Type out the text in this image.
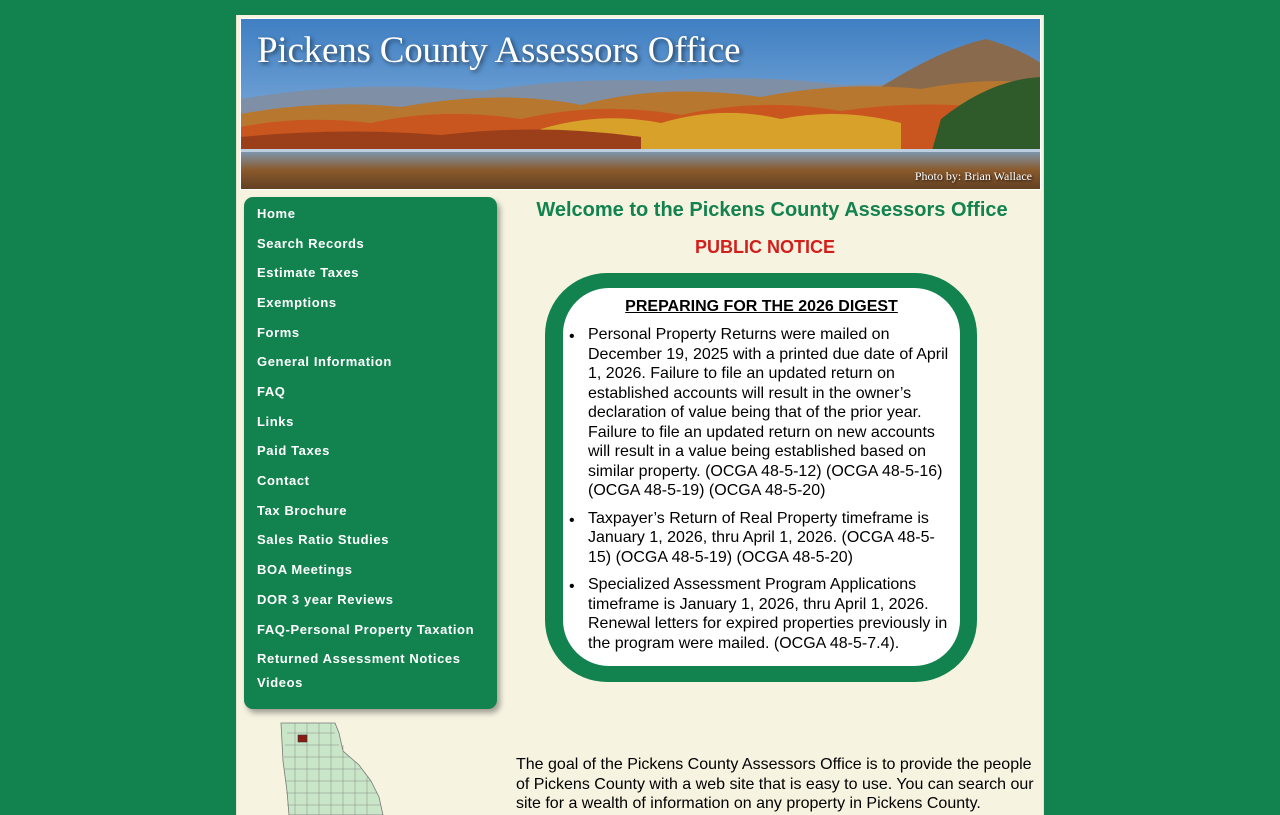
Pickens County Assessors Office
Photo by: Brian Wallace
Home
Search Records
Estimate Taxes
Exemptions
Forms
General Information
FAQ
Links
Paid Taxes
Contact
Tax Brochure
Sales Ratio Studies
BOA Meetings
DOR 3 year Reviews
FAQ-Personal Property Taxation
Returned Assessment Notices
Videos
Welcome to the Pickens County Assessors Office
PUBLIC NOTICE
PREPARING FOR THE 2026 DIGEST
• Personal Property Returns were mailed on December 19, 2025 with a printed due date of April 1, 2026. Failure to file an updated return on established accounts will result in the owner’s declaration of value being that of the prior year. Failure to file an updated return on new accounts will result in a value being established based on similar property. (OCGA 48-5-12) (OCGA 48-5-16) (OCGA 48-5-19) (OCGA 48-5-20)
• Taxpayer’s Return of Real Property timeframe is January 1, 2026, thru April 1, 2026. (OCGA 48-5-15) (OCGA 48-5-19) (OCGA 48-5-20)
• Specialized Assessment Program Applications timeframe is January 1, 2026, thru April 1, 2026. Renewal letters for expired properties previously in the program were mailed. (OCGA 48-5-7.4).

The goal of the Pickens County Assessors Office is to provide the people of Pickens County with a web site that is easy to use. You can search our site for a wealth of information on any property in Pickens County.
